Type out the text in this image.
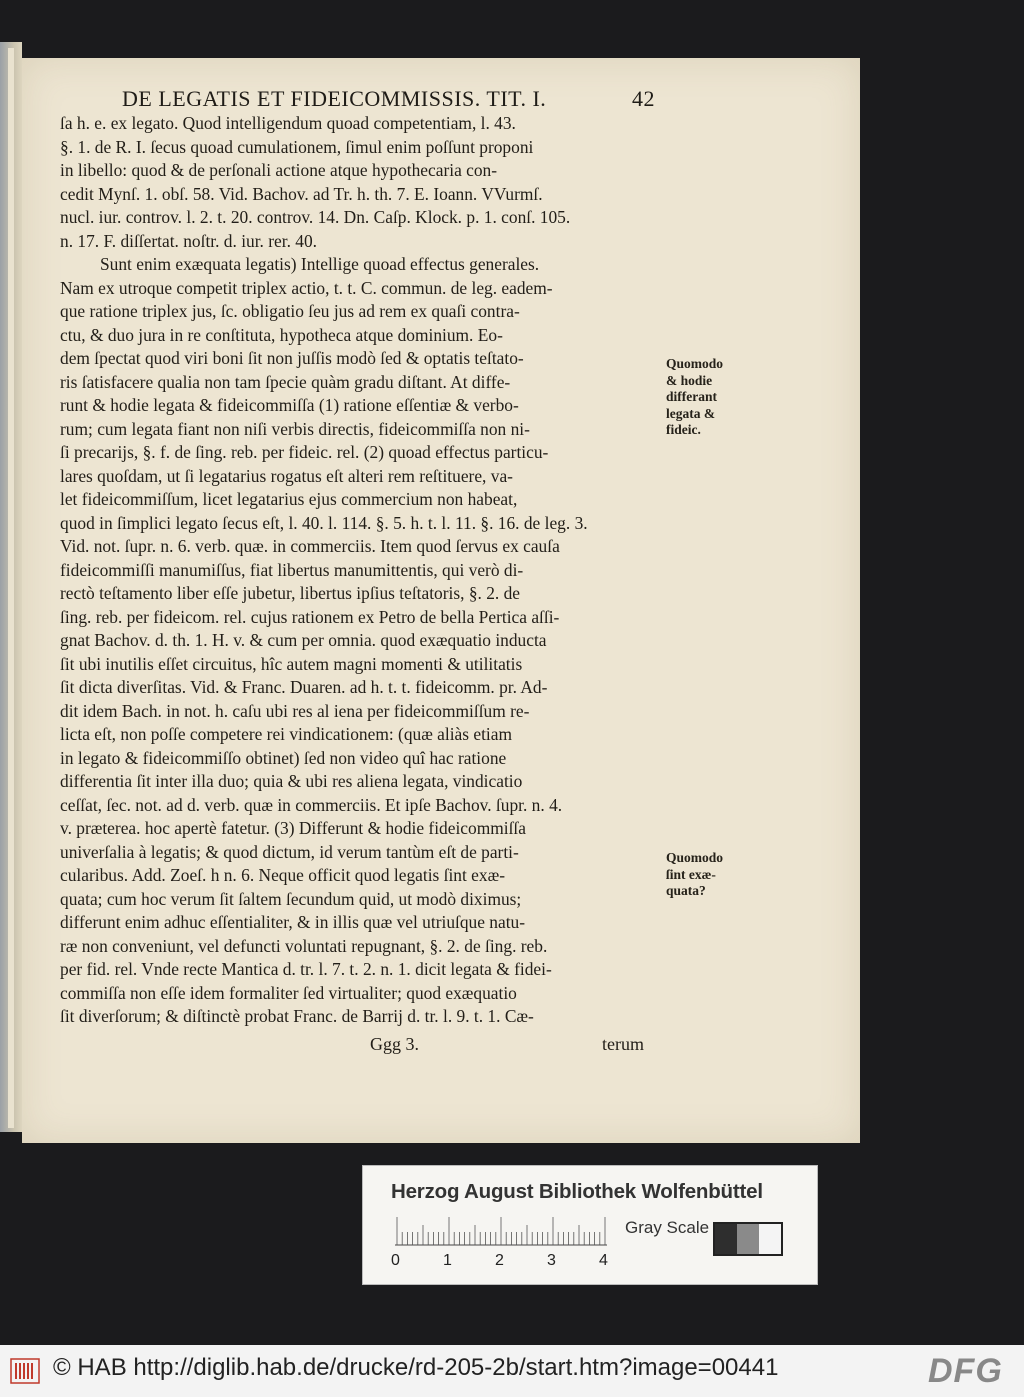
DE LEGATIS ET FIDEICOMMISSIS. TIT. I.	42
ſa h. e. ex legato. Quod intelligendum quoad competentiam, l. 43.
§. 1. de R. I. ſecus quoad cumulationem, ſimul enim poſſunt proponi
in libello: quod & de perſonali actione atque hypothecaria con-
cedit Mynſ. 1. obſ. 58. Vid. Bachov. ad Tr. h. th. 7. E. Ioann. VVurmſ.
nucl. iur. controv. l. 2. t. 20. controv. 14. Dn. Caſp. Klock. p. 1. conſ. 105.
n. 17. F. diſſertat. noſtr. d. iur. rer. 40.
Sunt enim exæquata legatis) Intellige quoad effectus generales.
Nam ex utroque competit triplex actio, t. t. C. commun. de leg. eadem-
que ratione triplex jus, ſc. obligatio ſeu jus ad rem ex quaſi contra-
ctu, & duo jura in re conſtituta, hypotheca atque dominium. Eo-
dem ſpectat quod viri boni ſit non juſſis modò ſed & optatis teſtato-
ris ſatisfacere qualia non tam ſpecie quàm gradu diſtant. At diffe-
runt & hodie legata & fideicommiſſa (1) ratione eſſentiæ & verbo-
rum; cum legata fiant non niſi verbis directis, fideicommiſſa non ni-
ſi precarijs, §. f. de ſing. reb. per fideic. rel. (2) quoad effectus particu-
lares quoſdam, ut ſi legatarius rogatus eſt alteri rem reſtituere, va-
let fideicommiſſum, licet legatarius ejus commercium non habeat,
quod in ſimplici legato ſecus eſt, l. 40. l. 114. §. 5. h. t. l. 11. §. 16. de leg. 3.
Vid. not. ſupr. n. 6. verb. quæ. in commerciis. Item quod ſervus ex cauſa
fideicommiſſi manumiſſus, fiat libertus manumittentis, qui verò di-
rectò teſtamento liber eſſe jubetur, libertus ipſius teſtatoris, §. 2. de
ſing. reb. per fideicom. rel. cujus rationem ex Petro de bella Pertica aſſi-
gnat Bachov. d. th. 1. H. v. & cum per omnia. quod exæquatio inducta
ſit ubi inutilis eſſet circuitus, hîc autem magni momenti & utilitatis
ſit dicta diverſitas. Vid. & Franc. Duaren. ad h. t. t. fideicomm. pr. Ad-
dit idem Bach. in not. h. caſu ubi res al iena per fideicommiſſum re-
licta eſt, non poſſe competere rei vindicationem: (quæ aliàs etiam
in legato & fideicommiſſo obtinet) ſed non video quî hac ratione
differentia ſit inter illa duo; quia & ubi res aliena legata, vindicatio
ceſſat, ſec. not. ad d. verb. quæ in commerciis. Et ipſe Bachov. ſupr. n. 4.
v. præterea. hoc apertè fatetur. (3) Differunt & hodie fideicommiſſa
univerſalia à legatis; & quod dictum, id verum tantùm eſt de parti-
cularibus. Add. Zoeſ. h n. 6. Neque officit quod legatis ſint exæ-
quata; cum hoc verum ſit ſaltem ſecundum quid, ut modò diximus;
differunt enim adhuc eſſentialiter, & in illis quæ vel utriuſque natu-
ræ non conveniunt, vel defuncti voluntati repugnant, §. 2. de ſing. reb.
per fid. rel. Vnde recte Mantica d. tr. l. 7. t. 2. n. 1. dicit legata & fidei-
commiſſa non eſſe idem formaliter ſed virtualiter; quod exæquatio
ſit diverſorum; & diſtinctè probat Franc. de Barrij d. tr. l. 9. t. 1. Cæ-
Quomodo
& hodie
differant
legata &
fideic.
Quomodo
ſint exæ-
quata?
Ggg 3.	terum
Herzog August Bibliothek Wolfenbüttel
0	1	2	3	4
Gray Scale
© HAB http://diglib.hab.de/drucke/rd-205-2b/start.htm?image=00441	DFG
